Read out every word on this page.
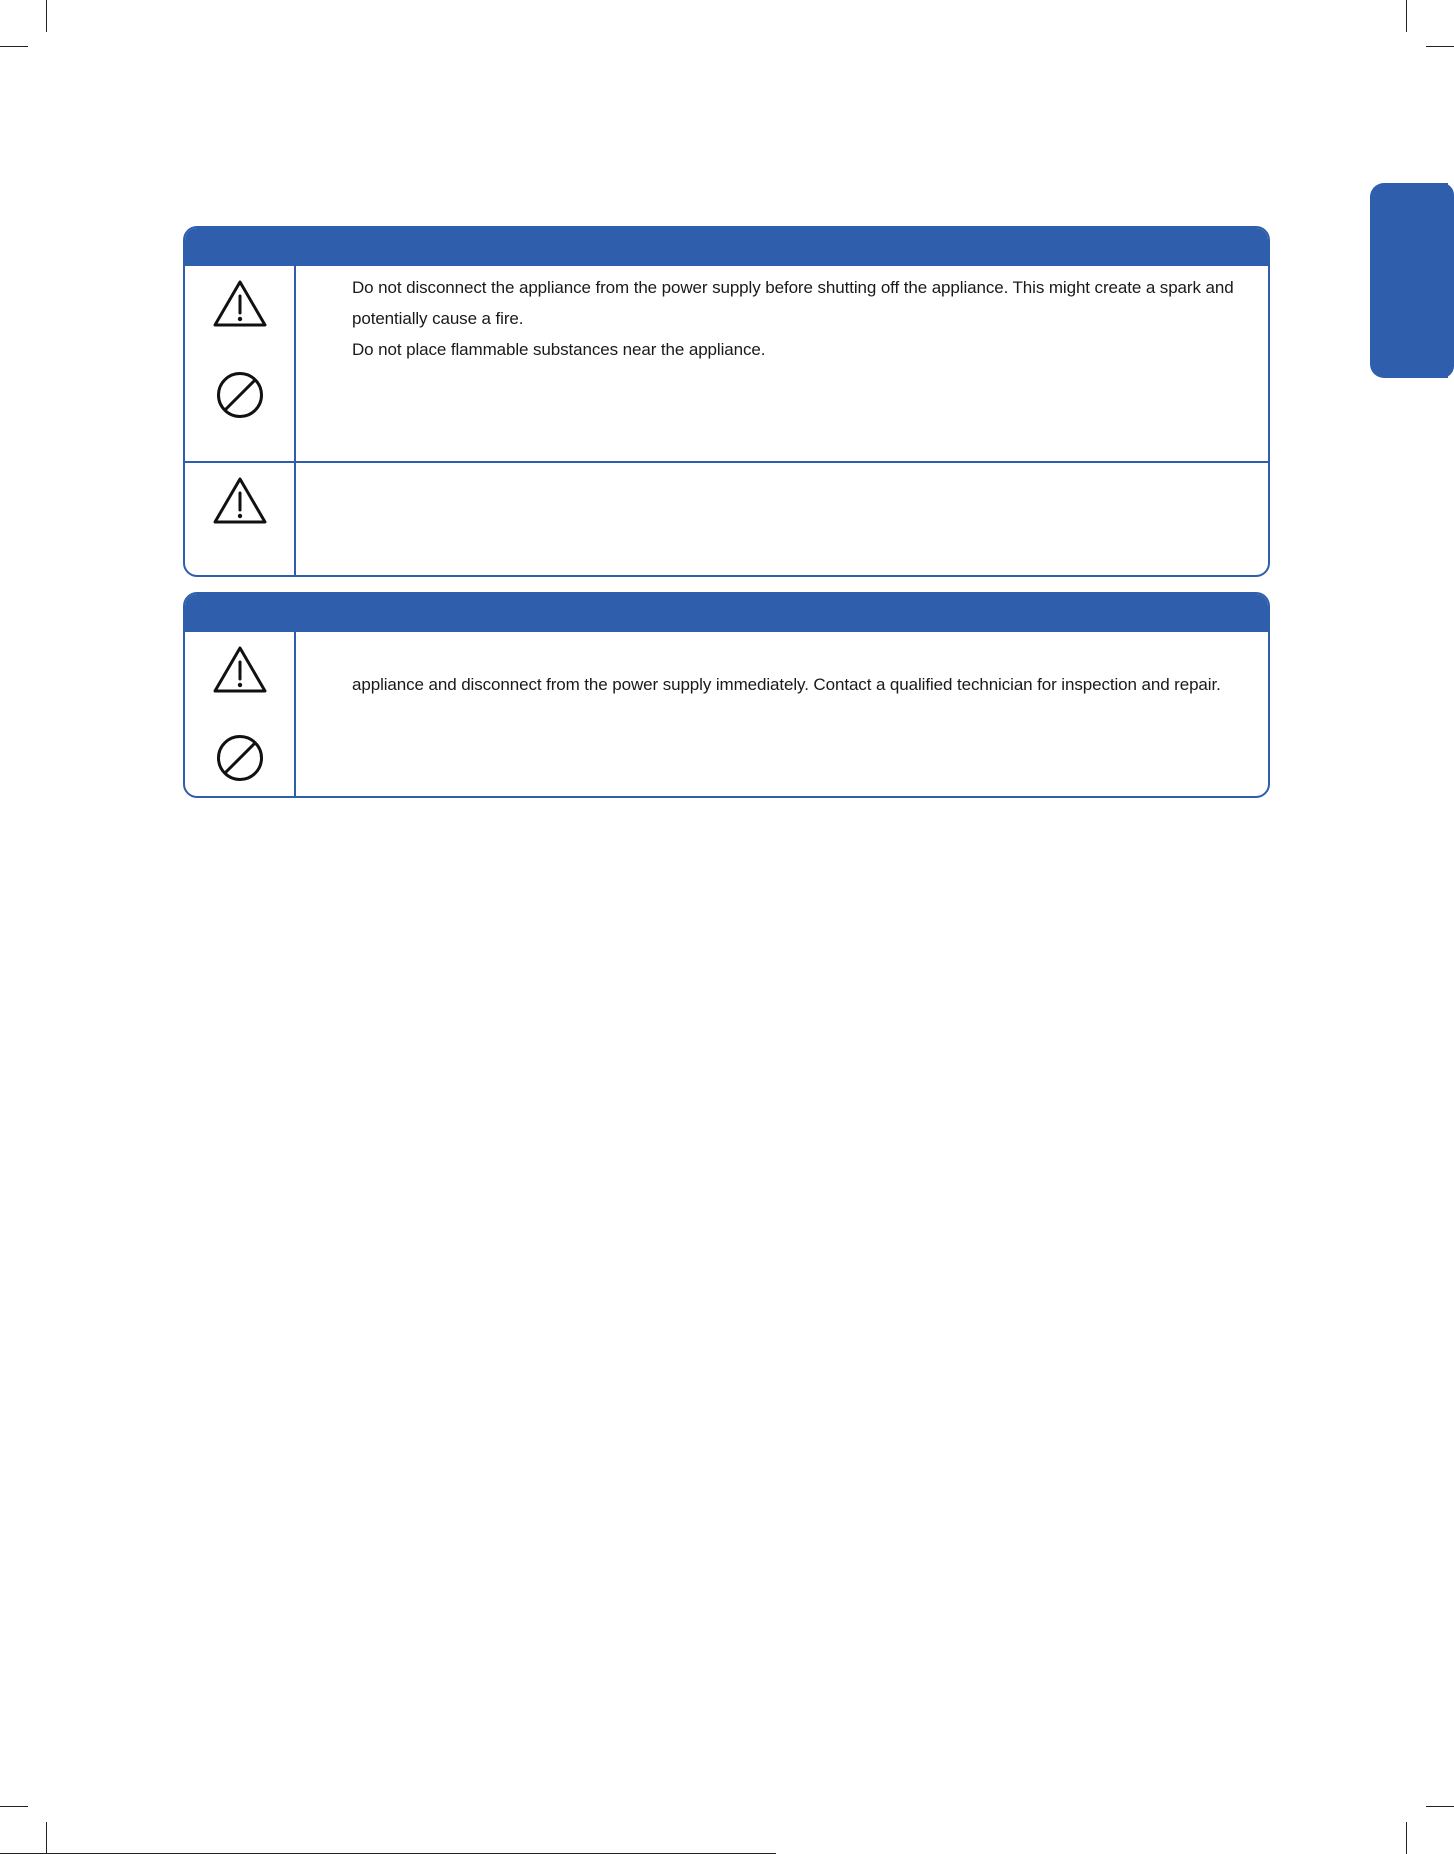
Do not disconnect the appliance from the power supply before shutting off the appliance. This might create a spark and

potentially cause a fire.

Do not place flammable substances near the appliance.

appliance and disconnect from the power supply immediately. Contact a qualified technician for inspection and repair.
